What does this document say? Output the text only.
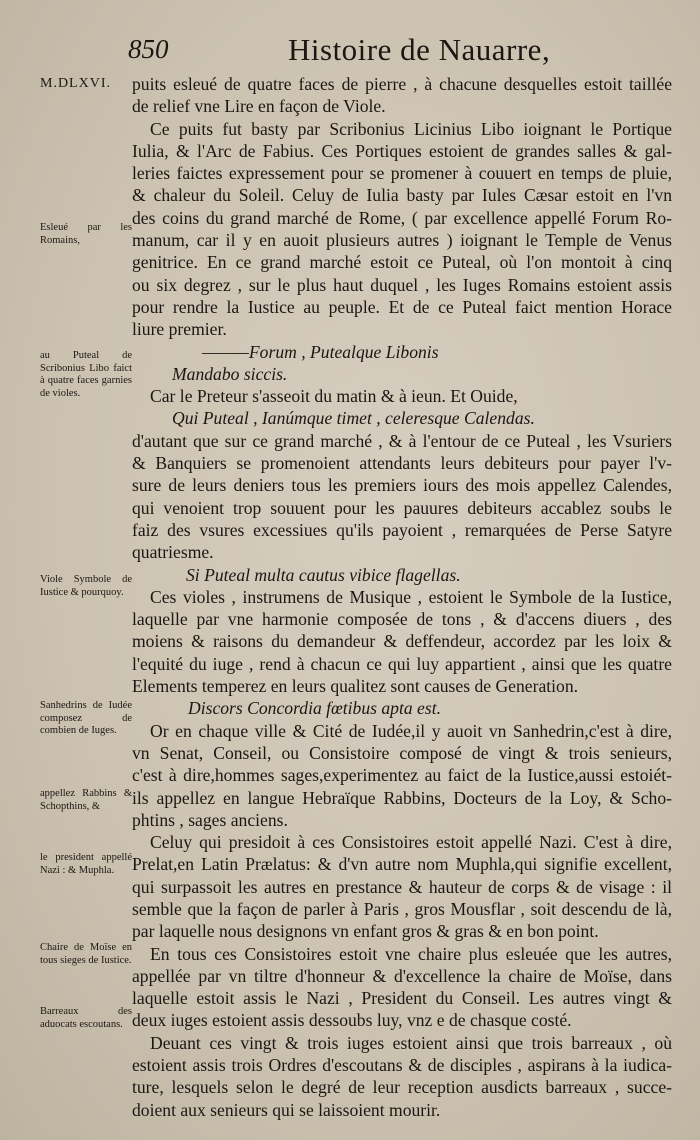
850	Histoire de Nauarre,
M.DLXVI.
Esleué par les Romains,
au Puteal de Scribonius Libo faict à quatre faces garnies de violes.
Viole Symbole de Iustice & pourquoy.
Sanhedrins de Iudée composez de combien de Iuges.
appellez Rabbins & Schopthins, &
le president appellé Nazi : & Muphla.
Chaire de Moïse en tous sieges de Iustice.
Barreaux des aduocats escoutans.
puits esleué de quatre faces de pierre , à chacune desquelles estoit taillée
de relief vne Lire en façon de Viole.
Ce puits fut basty par Scribonius Licinius Libo ioignant le Portique
Iulia, & l'Arc de Fabius. Ces Portiques estoient de grandes salles & gal-
leries faictes expressement pour se promener à couuert en temps de pluie,
& chaleur du Soleil. Celuy de Iulia basty par Iules Cæsar estoit en l'vn
des coins du grand marché de Rome, ( par excellence appellé Forum Ro-
manum, car il y en auoit plusieurs autres ) ioignant le Temple de Venus
genitrice. En ce grand marché estoit ce Puteal, où l'on montoit à cinq
ou six degrez , sur le plus haut duquel , les Iuges Romains estoient assis
pour rendre la Iustice au peuple. Et de ce Puteal faict mention Horace
liure premier.
———Forum , Putealque Libonis
Mandabo siccis.
Car le Preteur s'asseoit du matin & à ieun. Et Ouide,
Qui Puteal , Ianúmque timet , celeresque Calendas.
d'autant que sur ce grand marché , & à l'entour de ce Puteal , les Vsuriers
& Banquiers se promenoient attendants leurs debiteurs pour payer l'v-
sure de leurs deniers tous les premiers iours des mois appellez Calendes,
qui venoient trop souuent pour les pauures debiteurs accablez soubs le
faiz des vsures excessiues qu'ils payoient , remarquées de Perse Satyre
quatriesme.
Si Puteal multa cautus vibice flagellas.
Ces violes , instrumens de Musique , estoient le Symbole de la Iustice,
laquelle par vne harmonie composée de tons , & d'accens diuers , des
moiens & raisons du demandeur & deffendeur, accordez par les loix &
l'equité du iuge , rend à chacun ce qui luy appartient , ainsi que les quatre
Elements temperez en leurs qualitez sont causes de Generation.
Discors Concordia fœtibus apta est.
Or en chaque ville & Cité de Iudée,il y auoit vn Sanhedrin,c'est à dire,
vn Senat, Conseil, ou Consistoire composé de vingt & trois senieurs,
c'est à dire,hommes sages,experimentez au faict de la Iustice,aussi estoiét-
ils appellez en langue Hebraïque Rabbins, Docteurs de la Loy, & Scho-
phtins , sages anciens.
Celuy qui presidoit à ces Consistoires estoit appellé Nazi. C'est à dire,
Prelat,en Latin Prælatus: & d'vn autre nom Muphla,qui signifie excellent,
qui surpassoit les autres en prestance & hauteur de corps & de visage : il
semble que la façon de parler à Paris , gros Mousflar , soit descendu de là,
par laquelle nous designons vn enfant gros & gras & en bon point.
En tous ces Consistoires estoit vne chaire plus esleuée que les autres,
appellée par vn tiltre d'honneur & d'excellence la chaire de Moïse, dans
laquelle estoit assis le Nazi , President du Conseil. Les autres vingt &
deux iuges estoient assis dessoubs luy, vnz e de chasque costé.
Deuant ces vingt & trois iuges estoient ainsi que trois barreaux , où
estoient assis trois Ordres d'escoutans & de disciples , aspirans à la iudica-
ture, lesquels selon le degré de leur reception ausdicts barreaux , succe-
doient aux senieurs qui se laissoient mourir.
